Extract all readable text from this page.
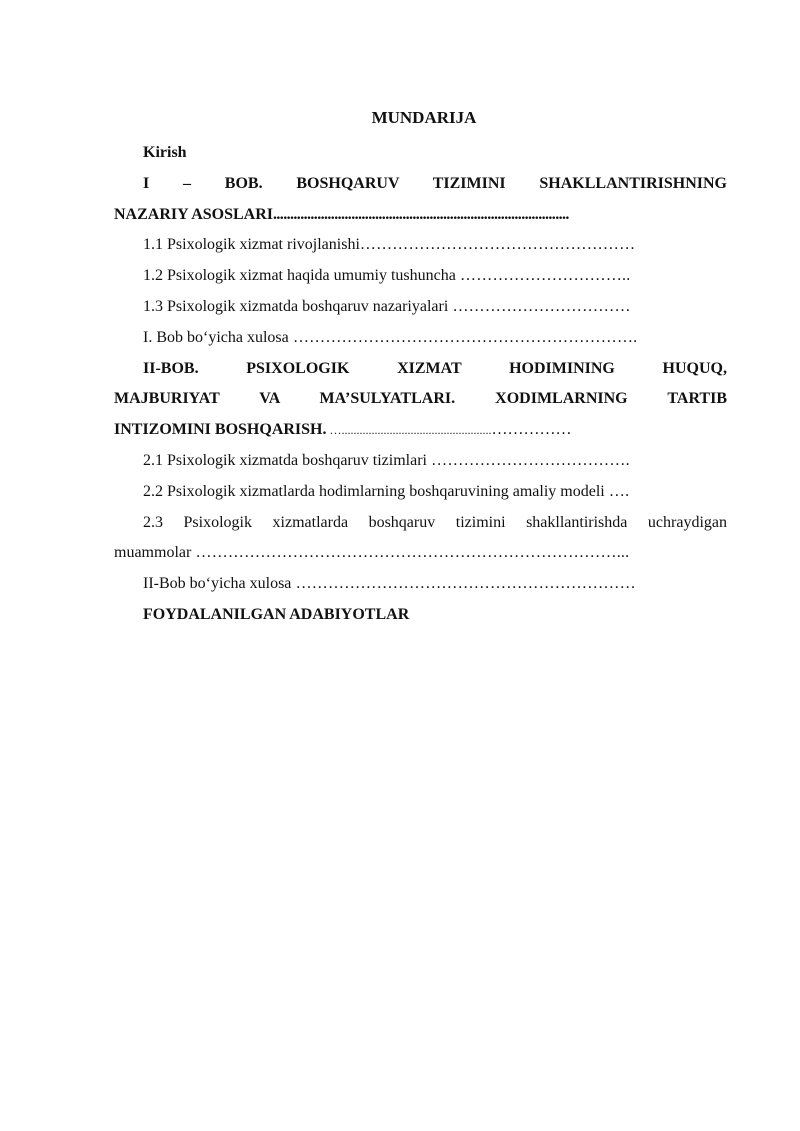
MUNDARIJA

Kirish

I – BOB. BOSHQARUV TIZIMINI SHAKLLANTIRISHNING

NAZARIY ASOSLARI.......................................................................................

1.1 Psixologik xizmat rivojlanishi……………………………………………

1.2 Psixologik xizmat haqida umumiy tushuncha …………………………..

1.3 Psixologik xizmatda boshqaruv nazariyalari ……………………………

I. Bob bo‘yicha xulosa ……………………………………………………….

II-BOB. PSIXOLOGIK XIZMAT HODIMINING HUQUQ,

MAJBURIYAT VA MA’SULYATLARI. XODIMLARNING TARTIB

INTIZOMINI BOSHQARISH. …..................................................……………

2.1 Psixologik xizmatda boshqaruv tizimlari ……………………………….

2.2 Psixologik xizmatlarda hodimlarning boshqaruvining amaliy modeli ….

2.3 Psixologik xizmatlarda boshqaruv tizimini shakllantirishda uchraydigan

muammolar ……………………………………………………………………...

II-Bob bo‘yicha xulosa ………………………………………………………

FOYDALANILGAN ADABIYOTLAR
